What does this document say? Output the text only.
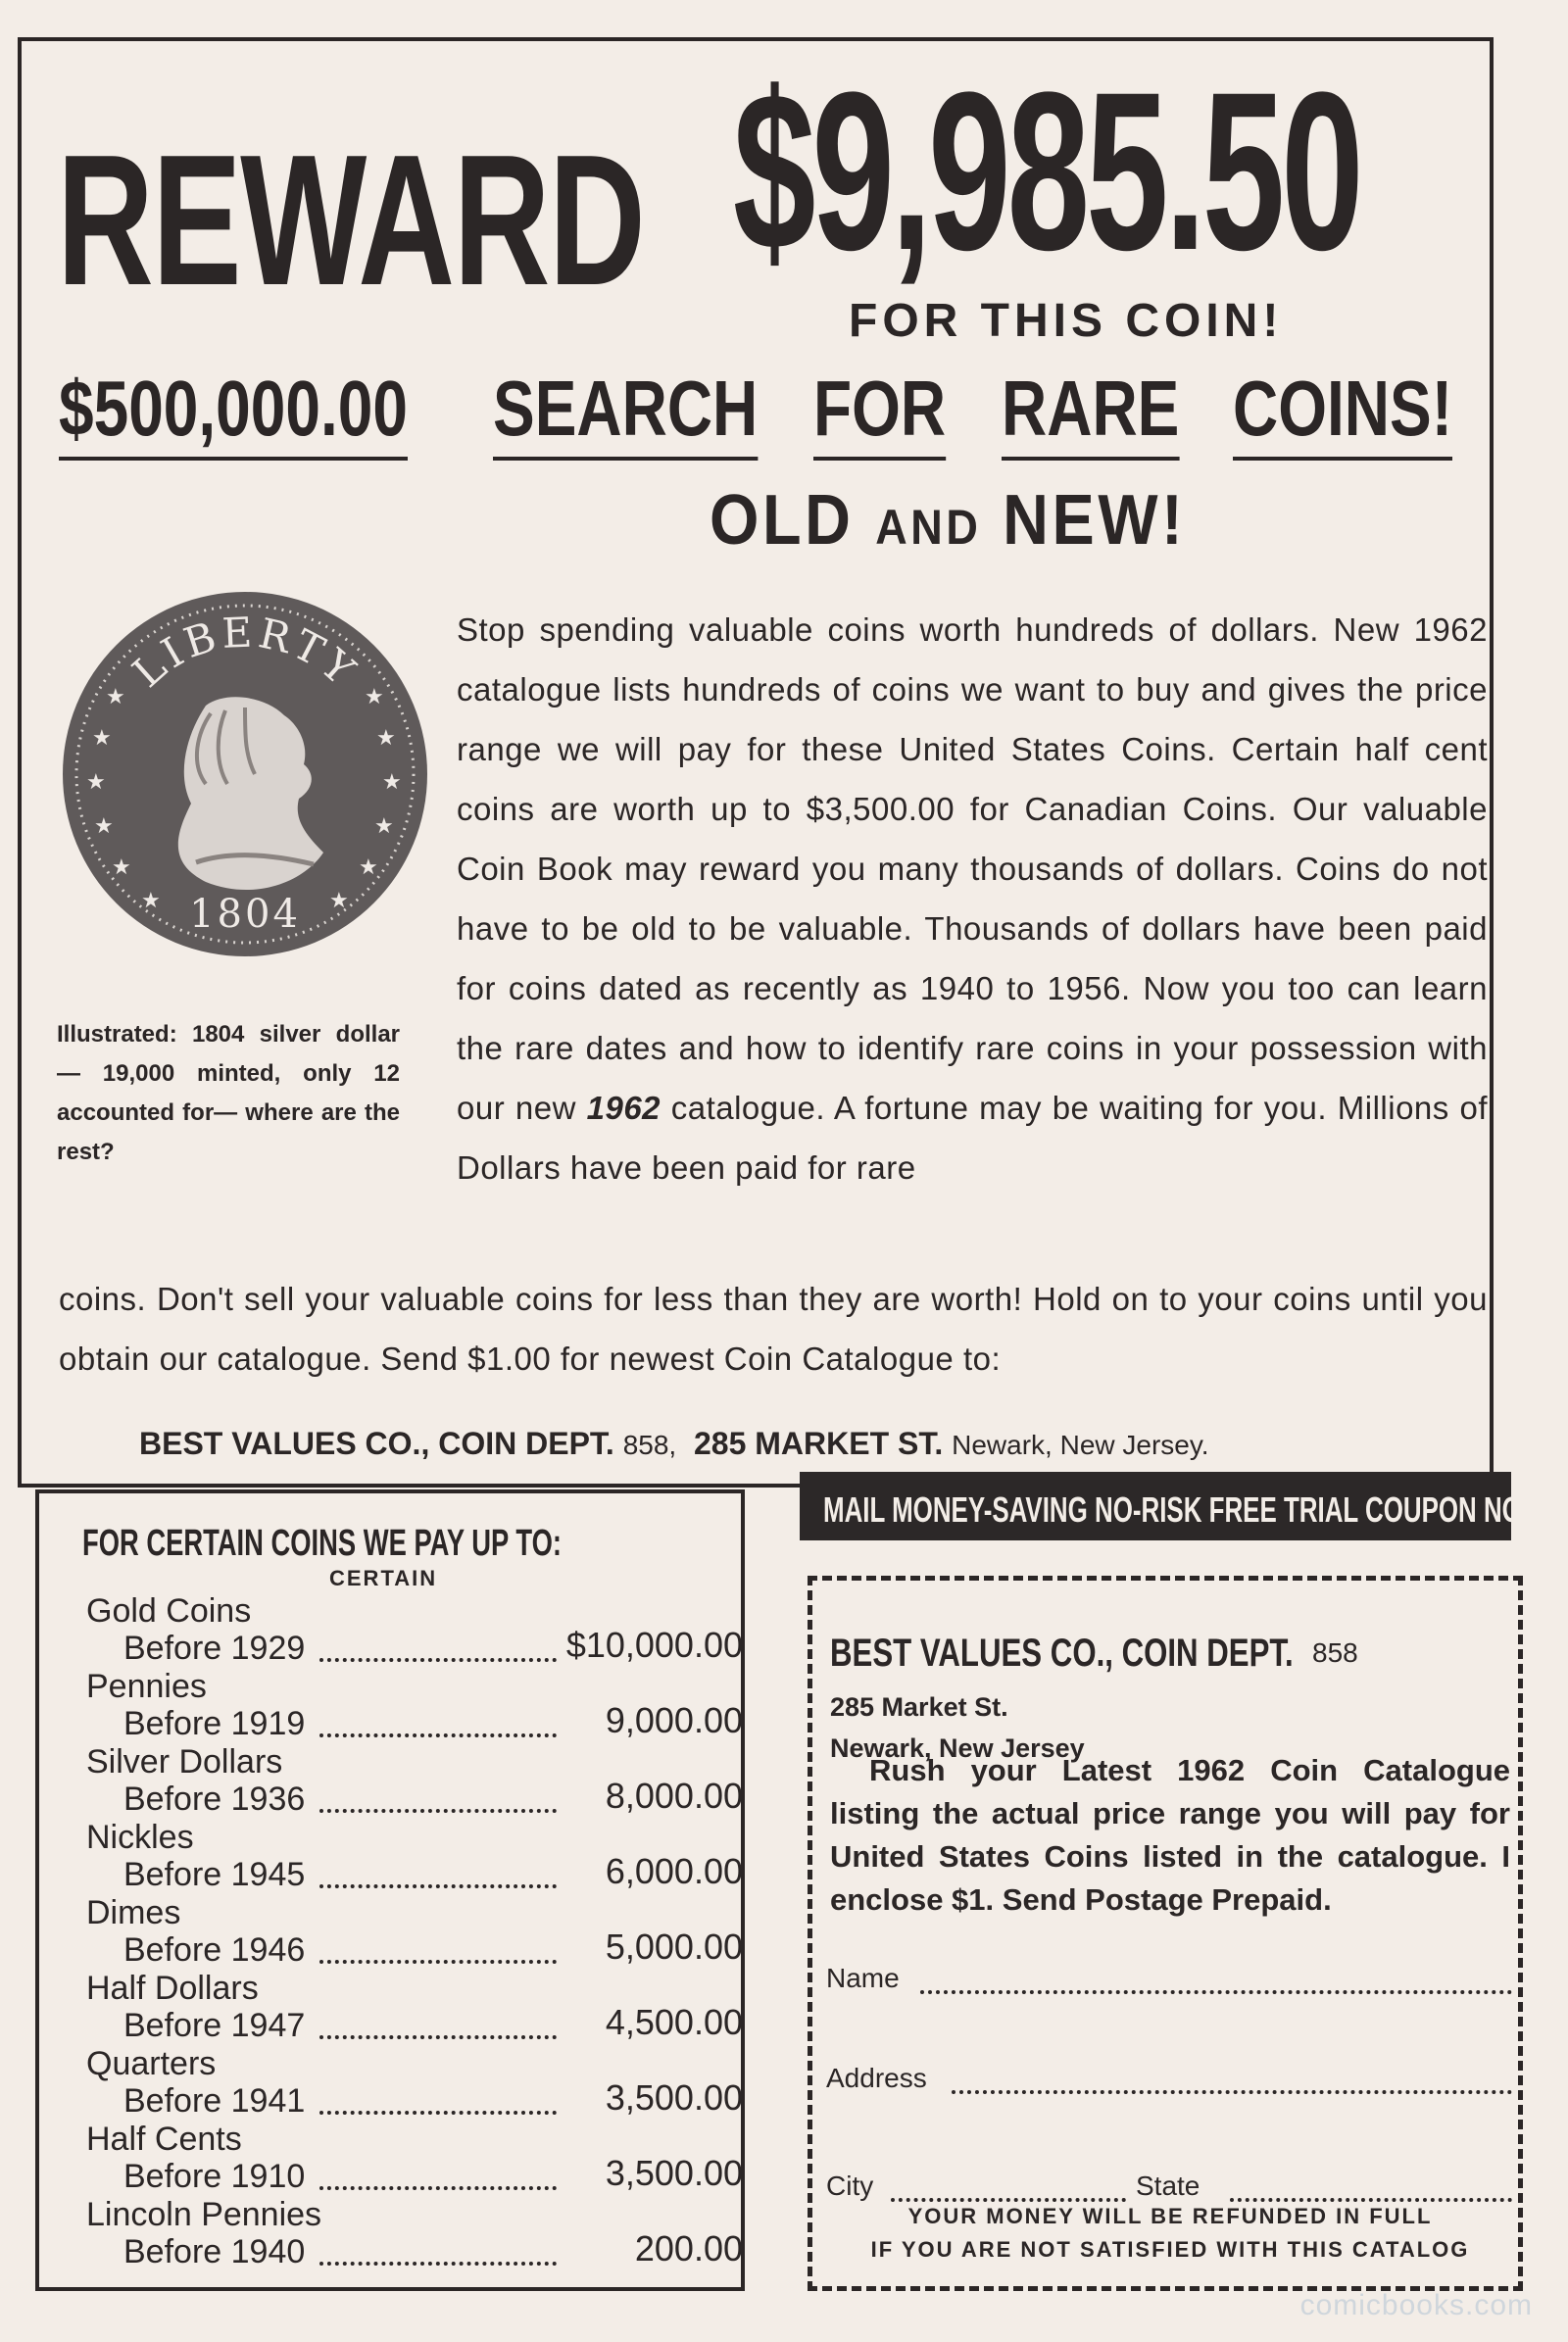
REWARD $9,985.50
FOR THIS COIN!
$500,000.00 SEARCH FOR RARE COINS!
OLD AND NEW!
★
★
★
★
★
★
★
★
★
★
★
★
LIBERTY
1804
Illustrated: 1804 silver dollar — 19,000 minted, only 12 accounted for— where are the rest?
Stop spending valuable coins worth hundreds of dollars. New 1962 catalogue lists hundreds of coins we want to buy and gives the price range we will pay for these United States Coins. Certain half cent coins are worth up to $3,500.00 for Canadian Coins. Our valuable Coin Book may reward you many thousands of dollars. Coins do not have to be old to be valuable. Thousands of dollars have been paid for coins dated as recently as 1940 to 1956. Now you too can learn the rare dates and how to identify rare coins in your possession with our new 1962 catalogue. A fortune may be waiting for you. Millions of Dollars have been paid for rare
coins. Don't sell your valuable coins for less than they are worth! Hold on to your coins until you obtain our catalogue. Send $1.00 for newest Coin Catalogue to:
BEST VALUES CO., COIN DEPT. 858, 285 MARKET ST. Newark, New Jersey.
FOR CERTAIN COINS WE PAY UP TO:
CERTAIN
Gold Coins
Before 1929	$10,000.00
Pennies
Before 1919	9,000.00
Silver Dollars
Before 1936	8,000.00
Nickles
Before 1945	6,000.00
Dimes
Before 1946	5,000.00
Half Dollars
Before 1947	4,500.00
Quarters
Before 1941	3,500.00
Half Cents
Before 1910	3,500.00
Lincoln Pennies
Before 1940	200.00
MAIL MONEY-SAVING NO-RISK FREE TRIAL COUPON NOW!
BEST VALUES CO., COIN DEPT. 858
285 Market St.
Newark, New Jersey
Rush your Latest 1962 Coin Catalogue listing the actual price range you will pay for United States Coins listed in the catalogue. I enclose $1. Send Postage Prepaid.
Name
Address
City	State
YOUR MONEY WILL BE REFUNDED IN FULL
IF YOU ARE NOT SATISFIED WITH THIS CATALOG
comicbooks.com
